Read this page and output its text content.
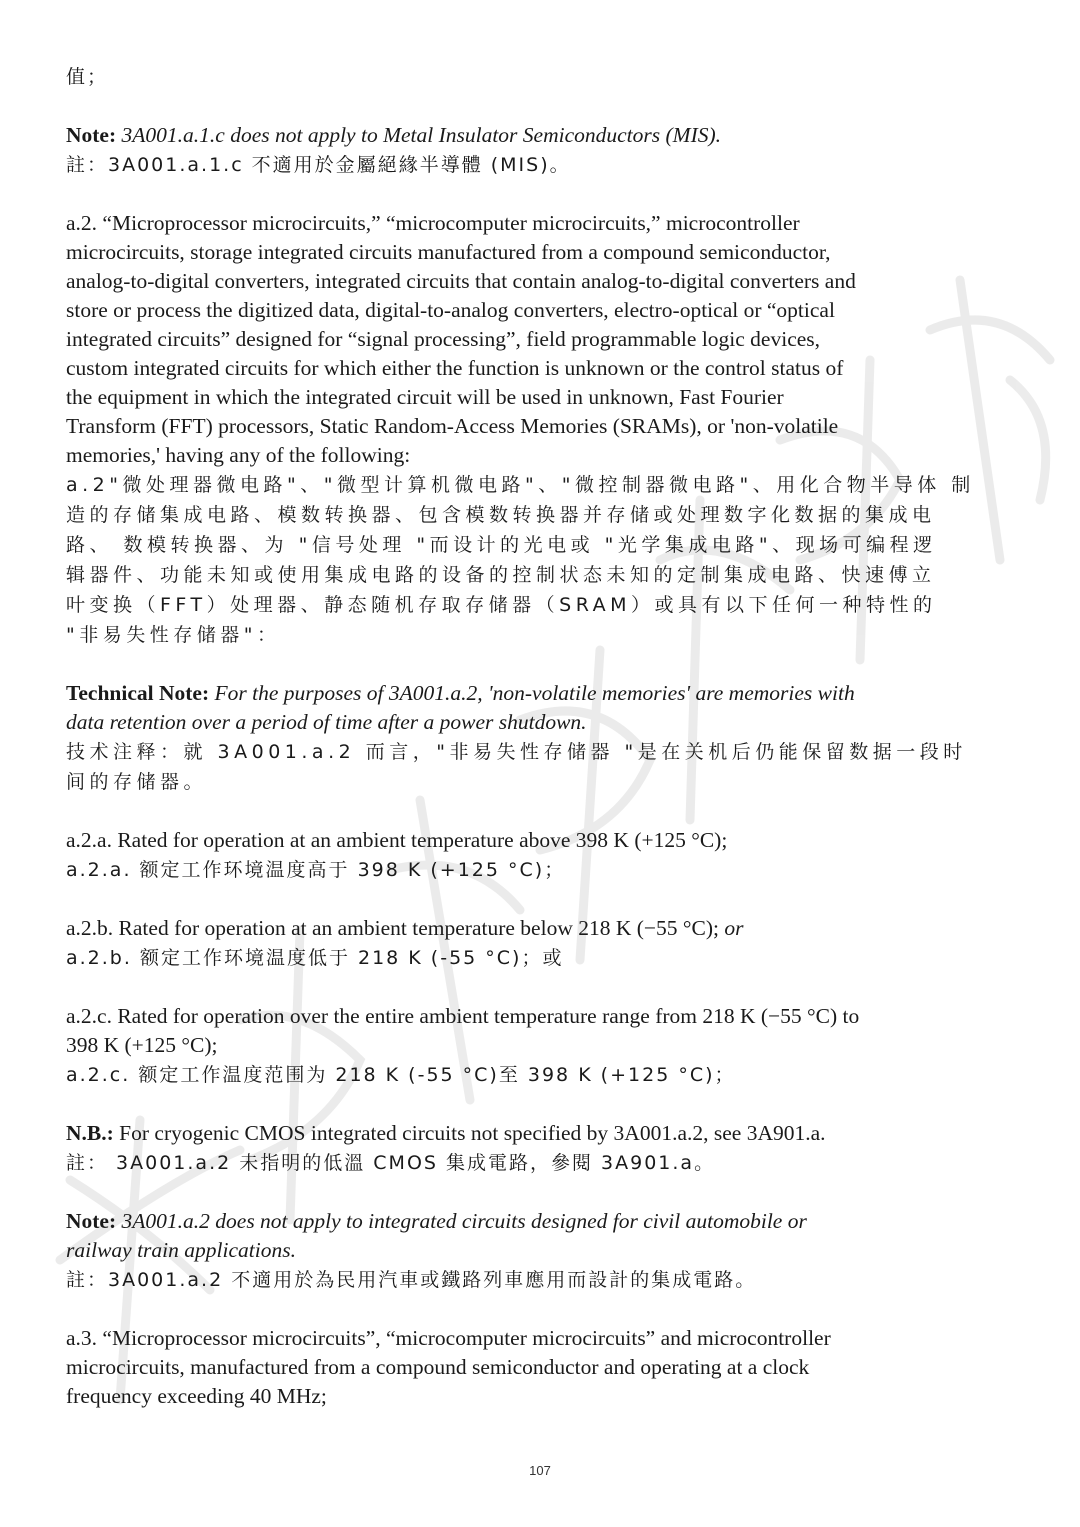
值；
Note: 3A001.a.1.c does not apply to Metal Insulator Semiconductors (MIS).
註：3A001.a.1.c 不適用於金屬絕緣半導體 (MIS)。
a.2. “Microprocessor microcircuits,” “microcomputer microcircuits,” microcontroller
microcircuits, storage integrated circuits manufactured from a compound semiconductor,
analog-to-digital converters, integrated circuits that contain analog-to-digital converters and
store or process the digitized data, digital-to-analog converters, electro-optical or “optical
integrated circuits” designed for “signal processing”, field programmable logic devices,
custom integrated circuits for which either the function is unknown or the control status of
the equipment in which the integrated circuit will be used in unknown, Fast Fourier
Transform (FFT) processors, Static Random-Access Memories (SRAMs), or 'non-volatile
memories,' having any of the following:
a.2"微处理器微电路"、"微型计算机微电路"、"微控制器微电路"、用化合物半导体 制
造的存储集成电路、模数转换器、包含模数转换器并存储或处理数字化数据的集成电
路、 数模转换器、为 "信号处理 "而设计的光电或 "光学集成电路"、现场可编程逻
辑器件、功能未知或使用集成电路的设备的控制状态未知的定制集成电路、快速傅立
叶变换（FFT）处理器、静态随机存取存储器（SRAM）或具有以下任何一种特性的
"非易失性存储器"：
Technical Note: For the purposes of 3A001.a.2, 'non-volatile memories' are memories with
data retention over a period of time after a power shutdown.
技术注释：就 3A001.a.2 而言，"非易失性存储器 "是在关机后仍能保留数据一段时
间的存储器。
a.2.a. Rated for operation at an ambient temperature above 398 K (+125 °C);
a.2.a. 额定工作环境温度高于 398 K (+125 °C)；
a.2.b. Rated for operation at an ambient temperature below 218 K (−55 °C); or
a.2.b. 额定工作环境温度低于 218 K (-55 °C)；或
a.2.c. Rated for operation over the entire ambient temperature range from 218 K (−55 °C) to
398 K (+125 °C);
a.2.c. 额定工作温度范围为 218 K (-55 °C)至 398 K (+125 °C)；
N.B.: For cryogenic CMOS integrated circuits not specified by 3A001.a.2, see 3A901.a.
註： 3A001.a.2 未指明的低溫 CMOS 集成電路，參閱 3A901.a。
Note: 3A001.a.2 does not apply to integrated circuits designed for civil automobile or
railway train applications.
註：3A001.a.2 不適用於為民用汽車或鐵路列車應用而設計的集成電路。
a.3. “Microprocessor microcircuits”, “microcomputer microcircuits” and microcontroller
microcircuits, manufactured from a compound semiconductor and operating at a clock
frequency exceeding 40 MHz;
107
